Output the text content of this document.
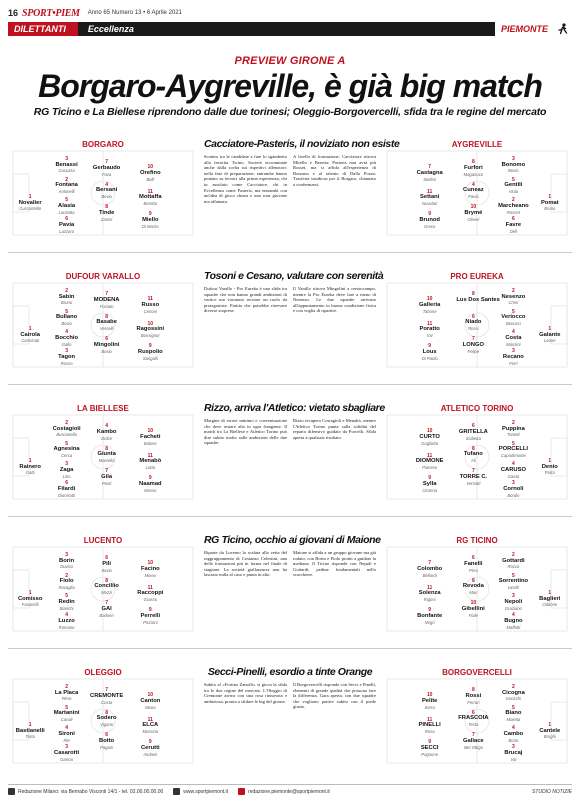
16 SPORT•PIEM Anno 65 Numero 13 • 6 Aprile 2021
DILETTANTI	Eccellenza	PIEMONTE
PREVIEW GIRONE A
Borgaro-Aygreville, è già big match
RG Ticino e La Biellese riprendono dalle due torinesi; Oleggio-Borgovercelli, sfida tra le regine del mercato
BORGARO
1
Novalier
Cuccontello
3
Benassi
Cucuzza
2
Fontana
Antonelli
5
Alasia
Lanzetta
6
Pavia
Lazzaro
7
Gerbaudo
Fava
4
Bersani
Bevio
8
Tinde
Zanini
10
Orefino
Belli
11
Mottaffa
Beretta
9
Miello
Di Marzo
Cacciatore-Pasteris, il noviziato non esiste

Scontro tra le candidate a fare lo sgambetto alla favorita Ticino. Società accomunate anche dalla scelta sui rispettivi allenatori: nella fase di preparazione, entrambe hanno puntato su tecnici alla prima esperienza, chi in assoluto come Cacciatore, chi in Eccellenza come Pasteris, ma entrambi con un'idea di gioco chiara e una rosa giovane ma affamata.

A livello di formazione, Cacciatore ritrova Mirello e Beretta; Pasteris non avrà più Rosset, ma si affida all'esperienza di Bonomo e al talento di Dalla Pozza. Trasferta insidiosa per il Borgaro, chiamato a confermarsi.

AYGREVILLE
1
Pomat
Bruno
3
Bonomo
Bovio
5
Gentili
Viola
2
Marcheano
Rosset
6
Favre
Dell
8
Furfori
Maganuco
4
Cuneaz
Pavia
10
Brymé
Oliveri
7
Castagna
Stellari
11
Settani
Nuvolari
9
Brunod
Greco
DUFOUR VARALLO
1
Cairola
Carminati
2
Sabin
Bruno
5
Bullano
Bosio
4
Bocchio
Gallo
3
Tagon
Rosso
7
MODENA
Fociato
8
Basabe
Vercelli
6
Mingolini
Bosio
11
Russo
Cerioni
10
Ragossini
Bonsignor
9
Ruspolio
Sangalli
Tosoni e Cesano, valutare con serenità

Dufour Varallo - Pro Eureka è una sfida tra squadre che non hanno grandi ambizioni di vertice ma vorranno recitare un ruolo da protagoniste. Partita che potrebbe riservare diverse sorprese.

Il Varallo ritrova Mingolini a centrocampo, mentre la Pro Eureka deve fare a meno di Nesenzo. Le due squadre arrivano all'appuntamento in buona condizione fisica e con voglia di ripartire.

PRO EUREKA
1
Galante
Leone
2
Nesenzo
Crimi
5
Veriocco
Bonucci
4
Costa
Manzini
3
Recano
Ferri
8
Lus Dos Santes
6
Niado
Rossi
7
LONGO
Felipe
10
Galleria
Tabone
11
Poratto
Vai
9
Lous
Di Paolo
LA BIELLESE
1
Rainero
Gatti
2
Costagioli
Busciarella
5
Agnesina
Cerca
3
Zaga
Lino
6
Filardi
Dionisotti
4
Kambo
Dolce
8
Giunta
Marsella
7
Gila
Ponti
10
Facheti
Balose
11
Menabò
Lotta
9
Naamad
Masso
Rizzo, arriva l'Atletico: vietato sbagliare

Margine di errore minimo e concentrazione che deve restare alta in ogni frangente. Il match tra La Biellese e Atletico Torino può dire subito molto sulle ambizioni delle due squadre.

Rizzo recupera Costagioli e Menabò, mentre l'Atletico Torino punta sulla solidità del reparto difensivo guidato da Porcelli. Sfida aperta a qualsiasi risultato.

ATLETICO TORINO
1
Denio
Porta
2
Puppina
Tonetti
5
PORCELLI
Capodimonte
4
CARUSO
Gaeta
3
Cornoli
Bordin
6
GRITELLA
Scibetta
8
Tufano
Ali
7
TORRE C.
Verzotti
10
CURTO
Gugliotta
11
DIOMONE
Pianese
9
Sylla
Ciranna
LUCENTO
1
Comisso
Fasanelli
3
Borin
Duvico
2
Fiolo
Ravaglia
5
Redin
Bianchi
4
Luzzo
Romano
6
Pili
Savio
8
Conciliio
Mozzi
7
GAI
Barbieri
10
Facino
Mineo
11
Raccoppi
Grasso
9
Perrelli
Piccioni
RG Ticino, occhio ai giovani di Maione

Riparte da Lucento la scalata alla vetta del raggruppamento di Costanzo Celestini, una delle formazioni più in forma nel finale di stagione. La società giallazzurra non ha lasciato nulla al caso e punta in alto.

Maione si affida a un gruppo giovane ma già rodato, con Borin e Fiolo pronti a guidare la mediana. Il Ticino risponde con Nepoli e Gottardi, pedine fondamentali nello scacchiere.

RG TICINO
1
Baglieri
Oddone
2
Gottardi
Rocca
5
Sorrentino
Iacelli
3
Nepoli
Graziano
4
Bugno
Maffetti
6
Fanelli
Pirro
8
Revoda
Mari
10
Gibellini
Fiale
7
Colombo
Bellardi
11
Solenza
Rigoni
9
Bonfante
Negri
OLEGGIO
1
Bastianelli
Torta
2
La Placa
Piero
5
Martanini
Cavali
4
Sironi
Rie
3
Casarotti
Ganna
7
CREMONTE
Costa
8
Sodero
Vigano
6
Botto
Pagani
10
Canton
Muna
11
ELCA
Mossino
9
Cerutti
Andreis
Secci-Pinelli, esordio a tinte Orange

Subito al «Fortina Zanoffi» si gioca la sfida tra le due regine del mercato. L'Oleggio di Cremonte arriva con una rosa rinnovata e ambiziosa, pronta a sfidare le big del girone.

Il Borgovercelli risponde con Secci e Pinelli, elementi di grande qualità che possono fare la differenza. Gara aperta, con due squadre che vogliono partire subito con il piede giusto.

BORGOVERCELLI
1
Cantele
Borghi
2
Cicogna
Gnocchi
5
Biano
Moietta
4
Cambo
Bono
3
Brucaj
Vai
8
Rossi
Ferrari
6
FRASCOIA
Testa
7
Gallace
Mei Ottigo
10
Pelite
Serra
11
PINELLI
Rosa
9
SECCI
Pognone
Redazione Milano: via Bernabo Visconti 14/1 - tel. 02.00.00.00.00	www.sportpiemont.it	redazione.piemonte@sportpiemont.it	STUDIO NOTIZIE
